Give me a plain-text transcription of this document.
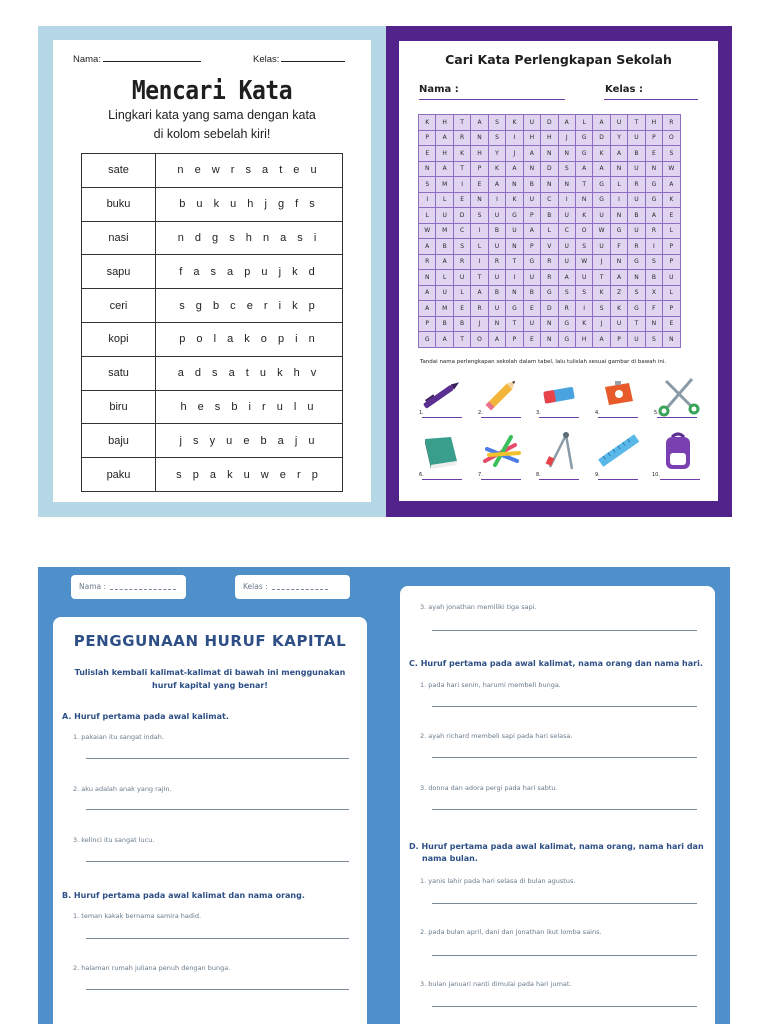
Nama:	Kelas:
Mencari Kata
Lingkari kata yang sama dengan kata
di kolom sebelah kiri!
sate	n e w r s a t e u
buku	b u k u h j g f s
nasi	n d g s h n a s i
sapu	f a s a p u j k d
ceri	s g b c e r i k p
kopi	p o l a k o p i n
satu	a d s a t u k h v
biru	h e s b i r u l u
baju	j s y u e b a j u
paku	s p a k u w e r p
Cari Kata Perlengkapan Sekolah
Nama :	Kelas :
K	H	T	A	S	K	U	D	A	L	A	U	T	H	R
P	A	R	N	S	I	H	H	J	G	D	Y	U	P	O
E	H	K	H	Y	J	A	N	N	G	K	A	B	E	S
N	A	T	P	K	A	N	D	S	A	A	N	U	N	W
S	M	I	E	A	N	B	N	N	T	G	L	R	G	A
I	L	E	N	I	K	U	C	I	N	G	I	U	G	K
L	U	D	S	U	G	P	B	U	K	U	N	B	A	E
W	M	C	I	B	U	A	L	C	O	W	G	U	R	L
A	B	S	L	U	N	P	V	U	S	U	F	R	I	P
R	A	R	I	R	T	G	R	U	W	J	N	G	S	P
N	L	U	T	U	I	U	R	A	U	T	A	N	B	U
A	U	L	A	B	N	B	G	S	S	K	Z	S	X	L
A	M	E	R	U	G	E	D	R	I	S	K	G	F	P
P	B	B	J	N	T	U	N	G	K	J	U	T	N	E
G	A	T	O	A	P	E	N	G	H	A	P	U	S	N
Tandai nama perlengkapan sekolah dalam tabel, lalu tulislah sesuai gambar di bawah ini.
1.	2.	3.	4.	5.
6.	7.	8.	9.	10.
Nama :	Kelas :
PENGGUNAAN HURUF KAPITAL
Tulislah kembali kalimat-kalimat di bawah ini menggunakan
huruf kapital yang benar!
A. Huruf pertama pada awal kalimat.
1. pakaian itu sangat indah.
2. aku adalah anak yang rajin.
3. kelinci itu sangat lucu.
B. Huruf pertama pada awal kalimat dan nama orang.
1. teman kakak bernama samira hadid.
2. halaman rumah juliana penuh dengan bunga.
3. ayah jonathan memiliki tiga sapi.
C. Huruf pertama pada awal kalimat, nama orang dan nama hari.
1. pada hari senin, harumi membeli bunga.
2. ayah richard membeli sapi pada hari selasa.
3. donna dan adora pergi pada hari sabtu.
D. Huruf pertama pada awal kalimat, nama orang, nama hari dan
nama bulan.
1. yanis lahir pada hari selasa di bulan agustus.
2. pada bulan april, dani dan jonathan ikut lomba sains.
3. bulan januari nanti dimulai pada hari jumat.
